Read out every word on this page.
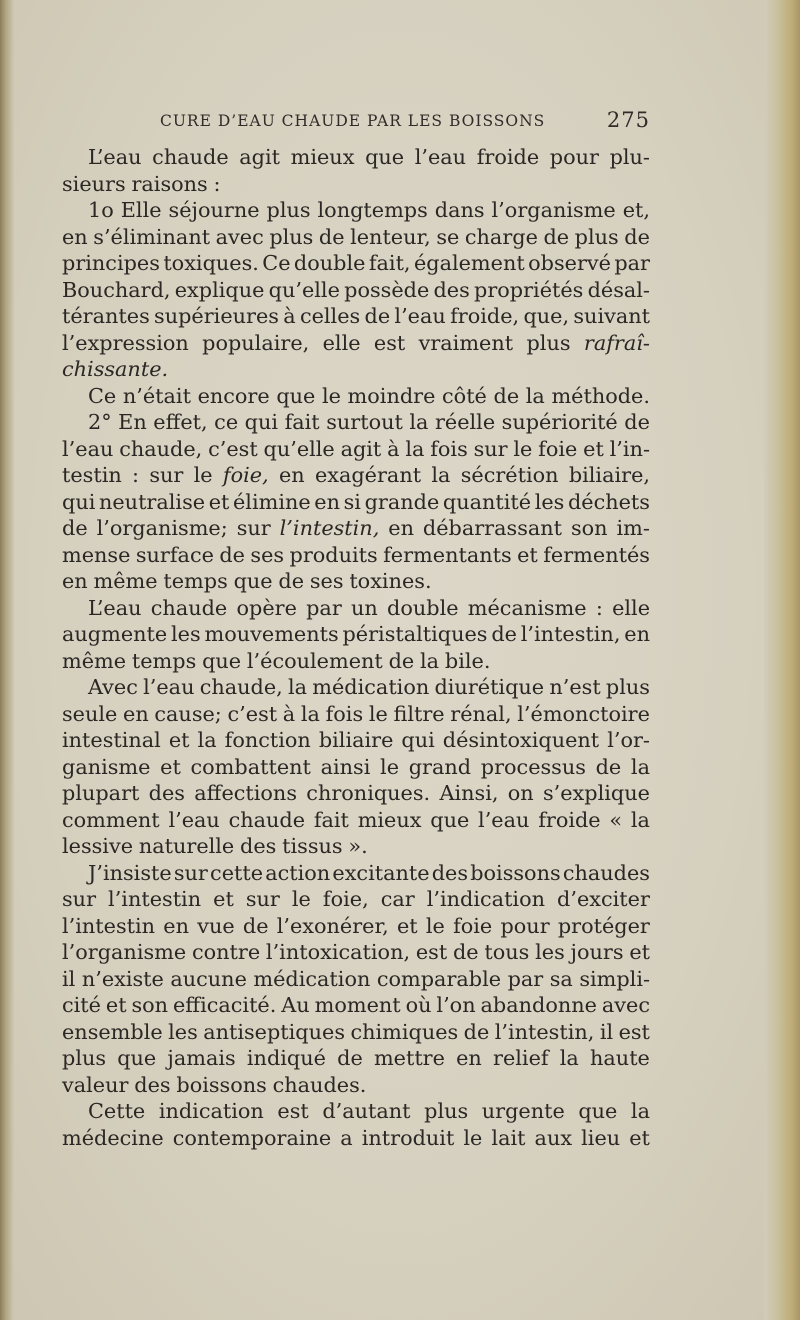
CURE D’EAU CHAUDE PAR LES BOISSONS	275
L’eau chaude agit mieux que l’eau froide pour plu-
sieurs raisons :
1o Elle séjourne plus longtemps dans l’organisme et,
en s’éliminant avec plus de lenteur, se charge de plus de
principes toxiques. Ce double fait, également observé par
Bouchard, explique qu’elle possède des propriétés désal-
térantes supérieures à celles de l’eau froide, que, suivant
l’expression populaire, elle est vraiment plus rafraî-
chissante.
Ce n’était encore que le moindre côté de la méthode.
2° En effet, ce qui fait surtout la réelle supériorité de
l’eau chaude, c’est qu’elle agit à la fois sur le foie et l’in-
testin : sur le foie, en exagérant la sécrétion biliaire,
qui neutralise et élimine en si grande quantité les déchets
de l’organisme; sur l’intestin, en débarrassant son im-
mense surface de ses produits fermentants et fermentés
en même temps que de ses toxines.
L’eau chaude opère par un double mécanisme : elle
augmente les mouvements péristaltiques de l’intestin, en
même temps que l’écoulement de la bile.
Avec l’eau chaude, la médication diurétique n’est plus
seule en cause; c’est à la fois le filtre rénal, l’émonctoire
intestinal et la fonction biliaire qui désintoxiquent l’or-
ganisme et combattent ainsi le grand processus de la
plupart des affections chroniques. Ainsi, on s’explique
comment l’eau chaude fait mieux que l’eau froide « la
lessive naturelle des tissus ».
J’insiste sur cette action excitante des boissons chaudes
sur l’intestin et sur le foie, car l’indication d’exciter
l’intestin en vue de l’exonérer, et le foie pour protéger
l’organisme contre l’intoxication, est de tous les jours et
il n’existe aucune médication comparable par sa simpli-
cité et son efficacité. Au moment où l’on abandonne avec
ensemble les antiseptiques chimiques de l’intestin, il est
plus que jamais indiqué de mettre en relief la haute
valeur des boissons chaudes.
Cette indication est d’autant plus urgente que la
médecine contemporaine a introduit le lait aux lieu et
